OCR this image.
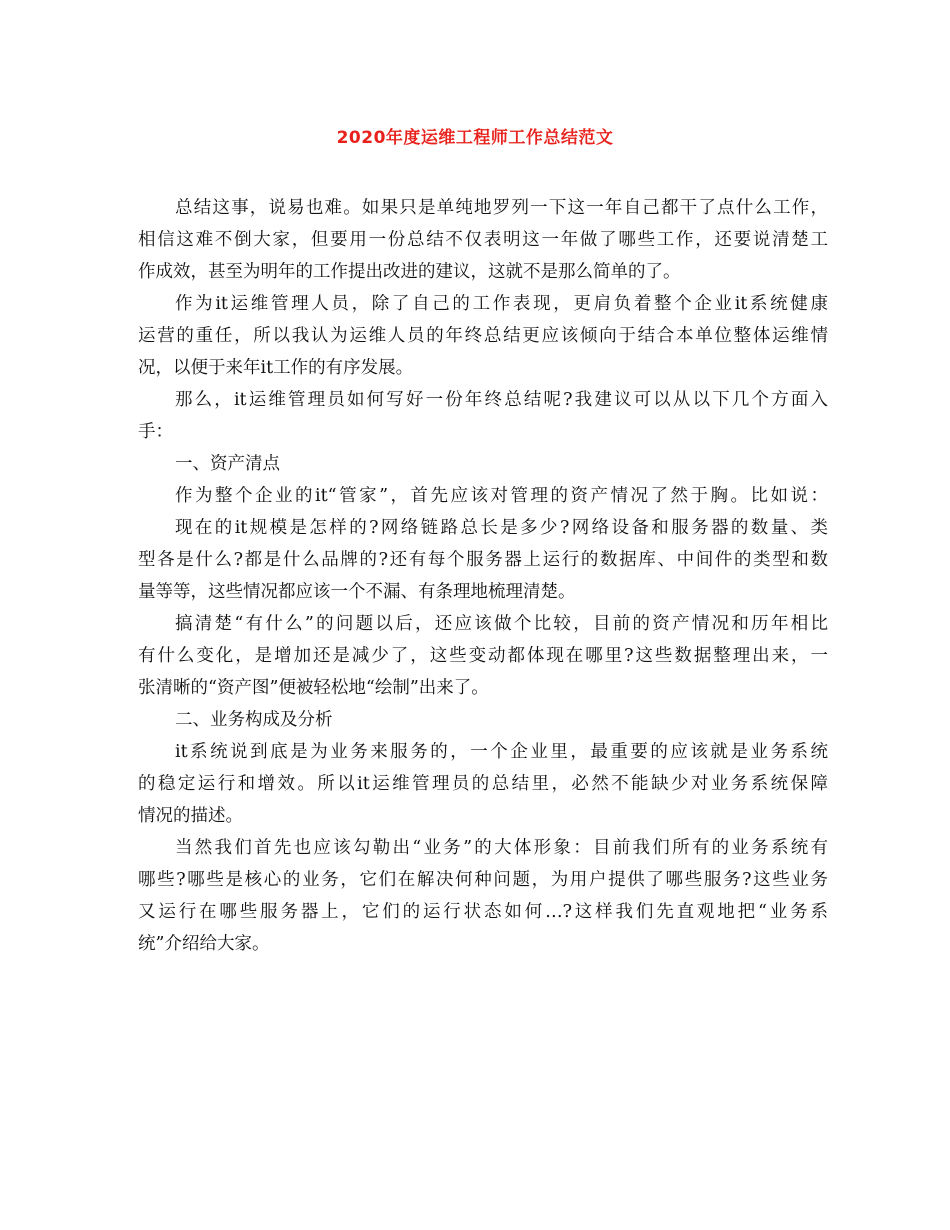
2020年度运维工程师工作总结范文
总结这事，说易也难。如果只是单纯地罗列一下这一年自己都干了点什么工作，
相信这难不倒大家，但要用一份总结不仅表明这一年做了哪些工作，还要说清楚工
作成效，甚至为明年的工作提出改进的建议，这就不是那么简单的了。
作为it运维管理人员，除了自己的工作表现，更肩负着整个企业it系统健康
运营的重任，所以我认为运维人员的年终总结更应该倾向于结合本单位整体运维情
况，以便于来年it工作的有序发展。
那么，it运维管理员如何写好一份年终总结呢?我建议可以从以下几个方面入
手：
一、资产清点
作为整个企业的it“管家”，首先应该对管理的资产情况了然于胸。比如说：
现在的it规模是怎样的?网络链路总长是多少?网络设备和服务器的数量、类
型各是什么?都是什么品牌的?还有每个服务器上运行的数据库、中间件的类型和数
量等等，这些情况都应该一个不漏、有条理地梳理清楚。
搞清楚“有什么”的问题以后，还应该做个比较，目前的资产情况和历年相比
有什么变化，是增加还是减少了，这些变动都体现在哪里?这些数据整理出来，一
张清晰的“资产图”便被轻松地“绘制”出来了。
二、业务构成及分析
it系统说到底是为业务来服务的，一个企业里，最重要的应该就是业务系统
的稳定运行和增效。所以it运维管理员的总结里，必然不能缺少对业务系统保障
情况的描述。
当然我们首先也应该勾勒出“业务”的大体形象：目前我们所有的业务系统有
哪些?哪些是核心的业务，它们在解决何种问题，为用户提供了哪些服务?这些业务
又运行在哪些服务器上，它们的运行状态如何…?这样我们先直观地把“业务系
统”介绍给大家。
